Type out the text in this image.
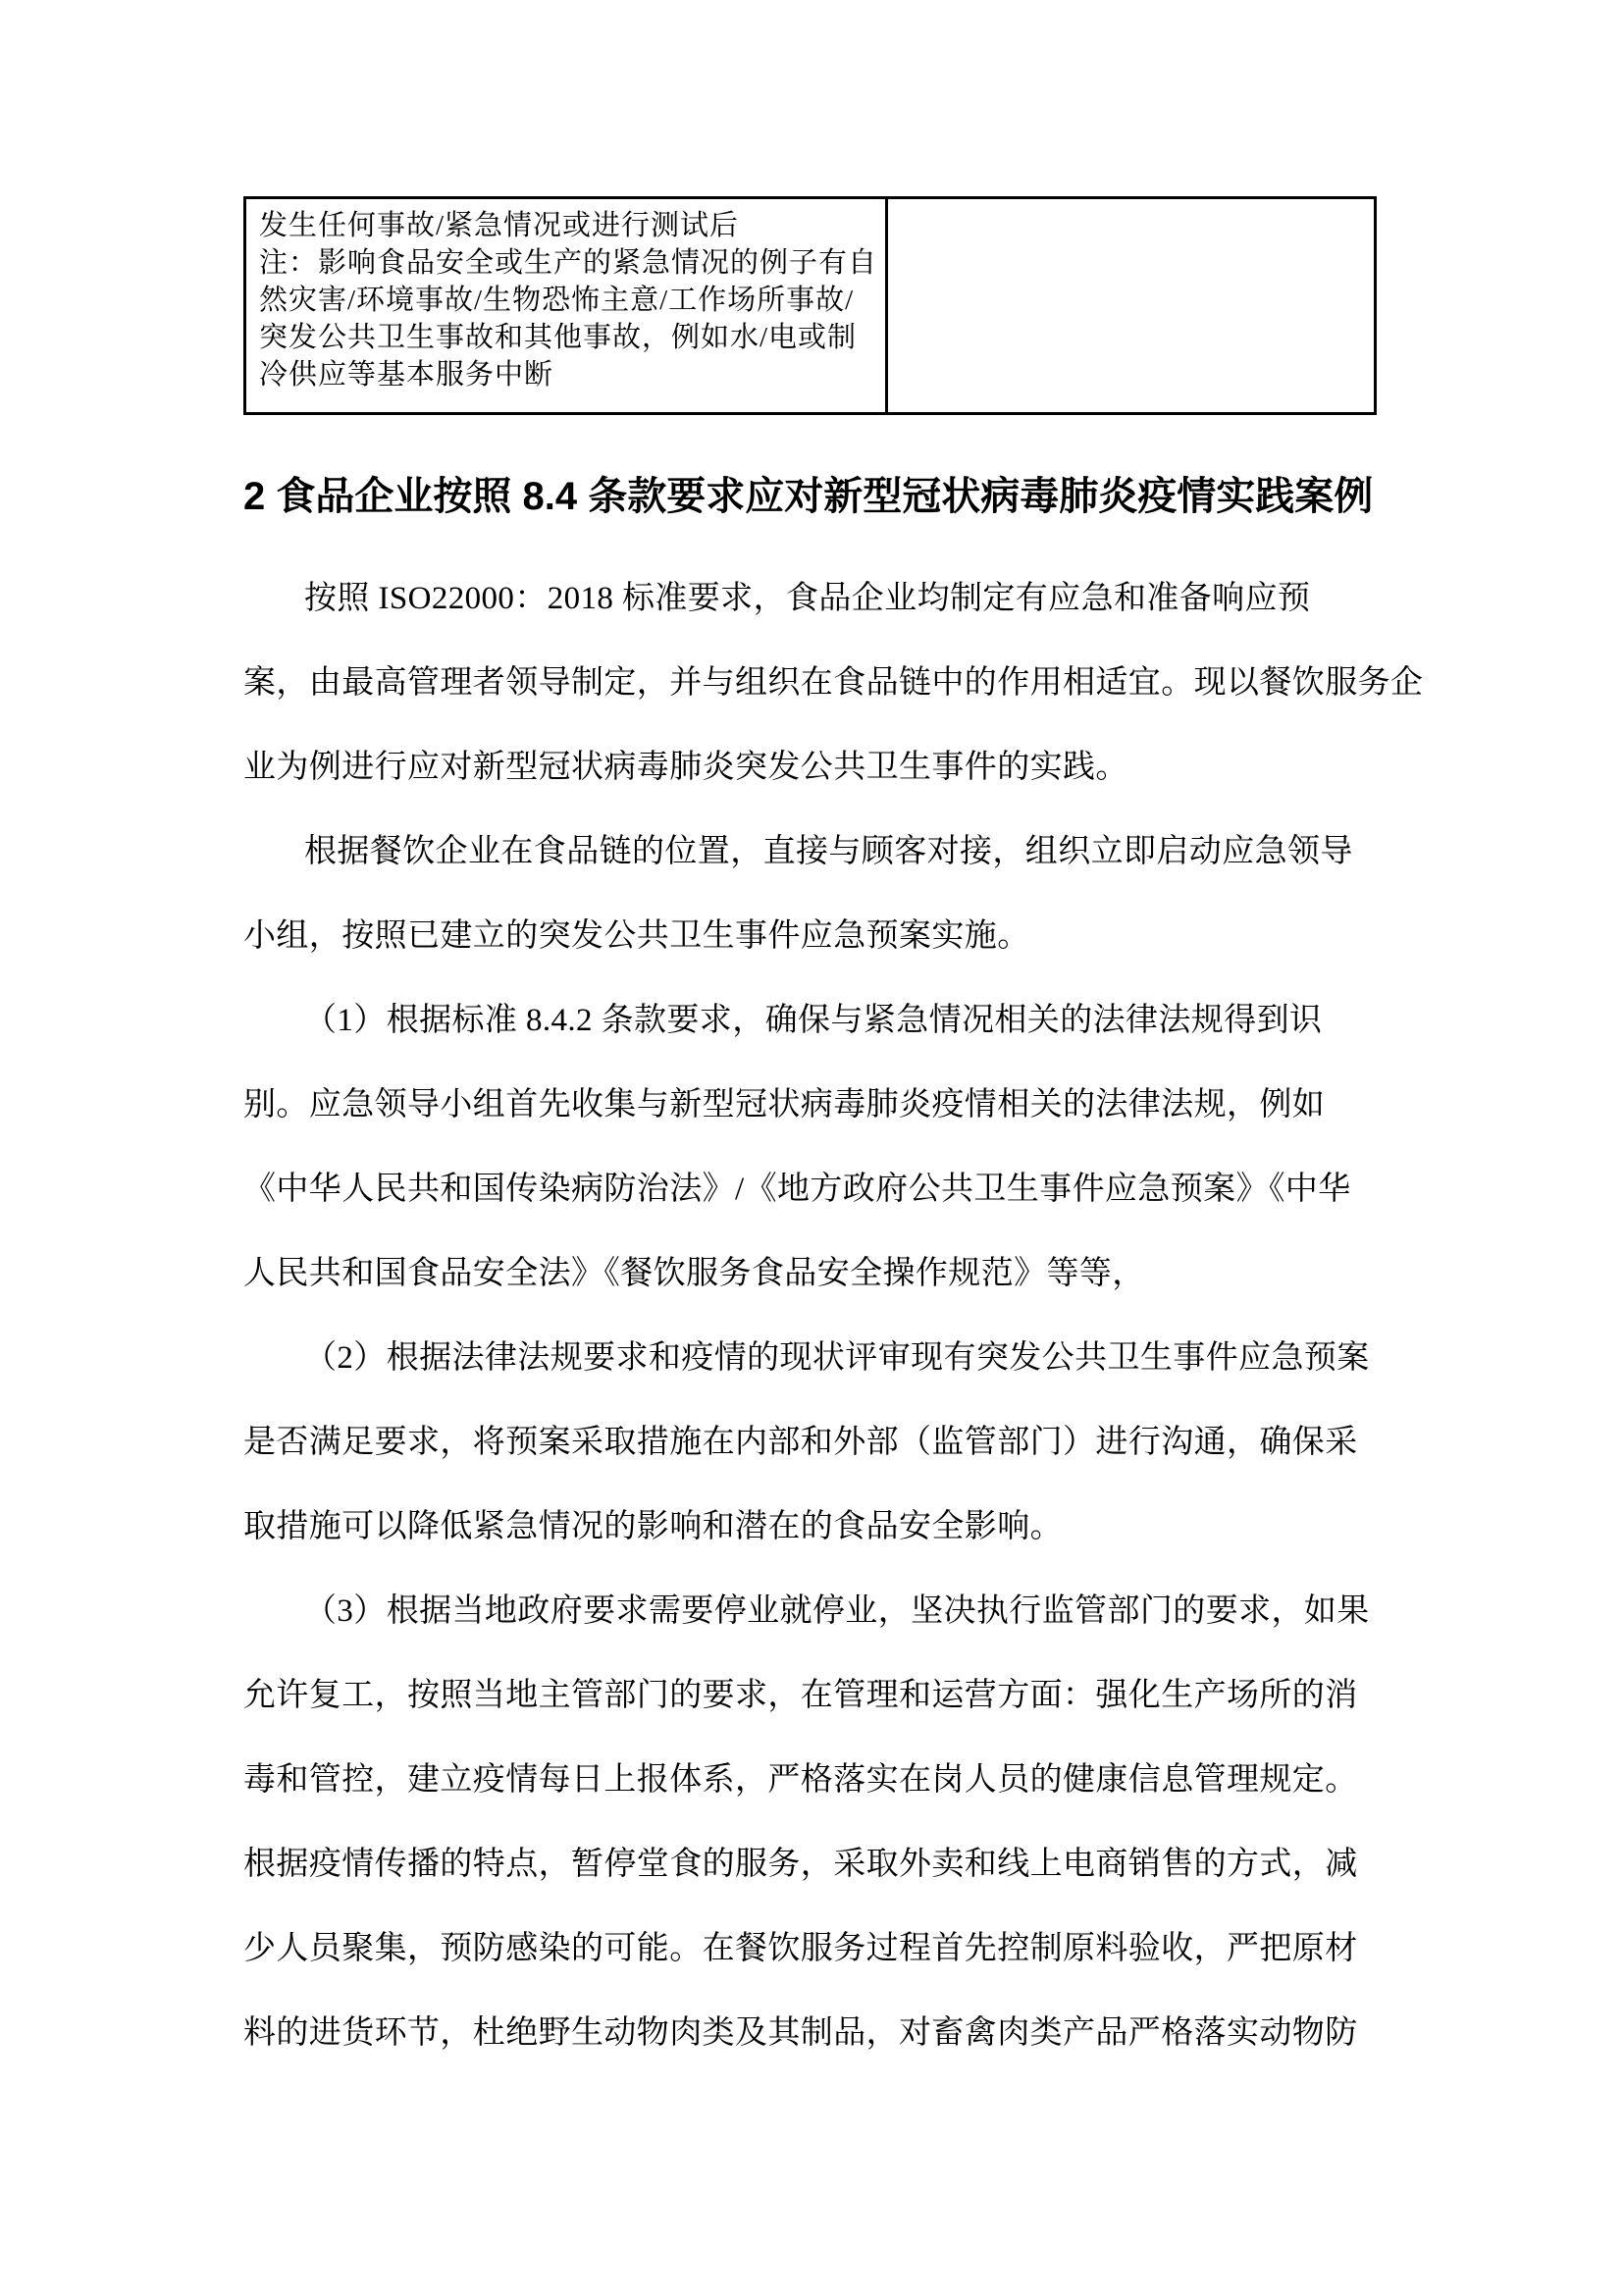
发生任何事故/紧急情况或进行测试后
注：影响食品安全或生产的紧急情况的例子有自
然灾害/环境事故/生物恐怖主意/工作场所事故/
突发公共卫生事故和其他事故，例如水/电或制
冷供应等基本服务中断
2 食品企业按照 8.4 条款要求应对新型冠状病毒肺炎疫情实践案例
按照 ISO22000：2018 标准要求，食品企业均制定有应急和准备响应预
案，由最高管理者领导制定，并与组织在食品链中的作用相适宜。现以餐饮服务企
业为例进行应对新型冠状病毒肺炎突发公共卫生事件的实践。
根据餐饮企业在食品链的位置，直接与顾客对接，组织立即启动应急领导
小组，按照已建立的突发公共卫生事件应急预案实施。
（1）根据标准 8.4.2 条款要求，确保与紧急情况相关的法律法规得到识
别。应急领导小组首先收集与新型冠状病毒肺炎疫情相关的法律法规，例如
《中华人民共和国传染病防治法》/《地方政府公共卫生事件应急预案》《中华
人民共和国食品安全法》《餐饮服务食品安全操作规范》等等，
（2）根据法律法规要求和疫情的现状评审现有突发公共卫生事件应急预案
是否满足要求，将预案采取措施在内部和外部（监管部门）进行沟通，确保采
取措施可以降低紧急情况的影响和潜在的食品安全影响。
（3）根据当地政府要求需要停业就停业，坚决执行监管部门的要求，如果
允许复工，按照当地主管部门的要求，在管理和运营方面：强化生产场所的消
毒和管控，建立疫情每日上报体系，严格落实在岗人员的健康信息管理规定。
根据疫情传播的特点，暂停堂食的服务，采取外卖和线上电商销售的方式，减
少人员聚集，预防感染的可能。在餐饮服务过程首先控制原料验收，严把原材
料的进货环节，杜绝野生动物肉类及其制品，对畜禽肉类产品严格落实动物防
